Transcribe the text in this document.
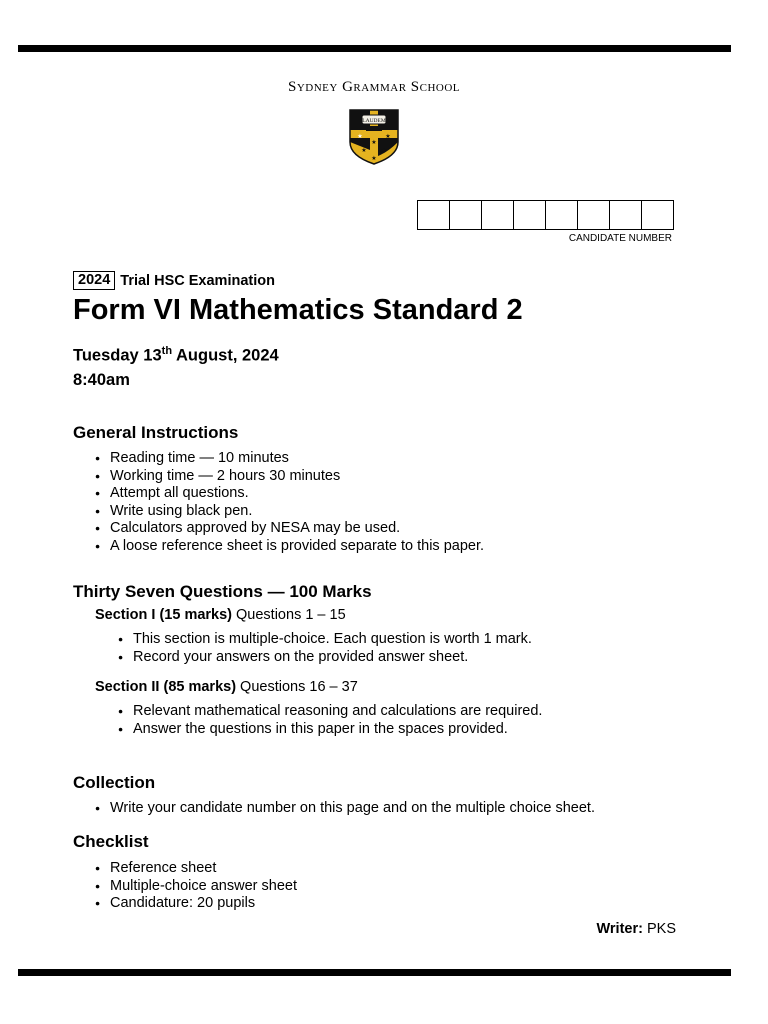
Sydney Grammar School
LAUDEM
★	★
★
★ ★
★
CANDIDATE NUMBER
2024 Trial HSC Examination
Form VI Mathematics Standard 2
Tuesday 13th August, 2024
8:40am
General Instructions
● Reading time — 10 minutes
● Working time — 2 hours 30 minutes
● Attempt all questions.
● Write using black pen.
● Calculators approved by NESA may be used.
● A loose reference sheet is provided separate to this paper.
Thirty Seven Questions — 100 Marks
Section I (15 marks) Questions 1 – 15
● This section is multiple-choice. Each question is worth 1 mark.
● Record your answers on the provided answer sheet.
Section II (85 marks) Questions 16 – 37
● Relevant mathematical reasoning and calculations are required.
● Answer the questions in this paper in the spaces provided.
Collection
● Write your candidate number on this page and on the multiple choice sheet.
Checklist
● Reference sheet
● Multiple-choice answer sheet
● Candidature: 20 pupils
Writer: PKS
